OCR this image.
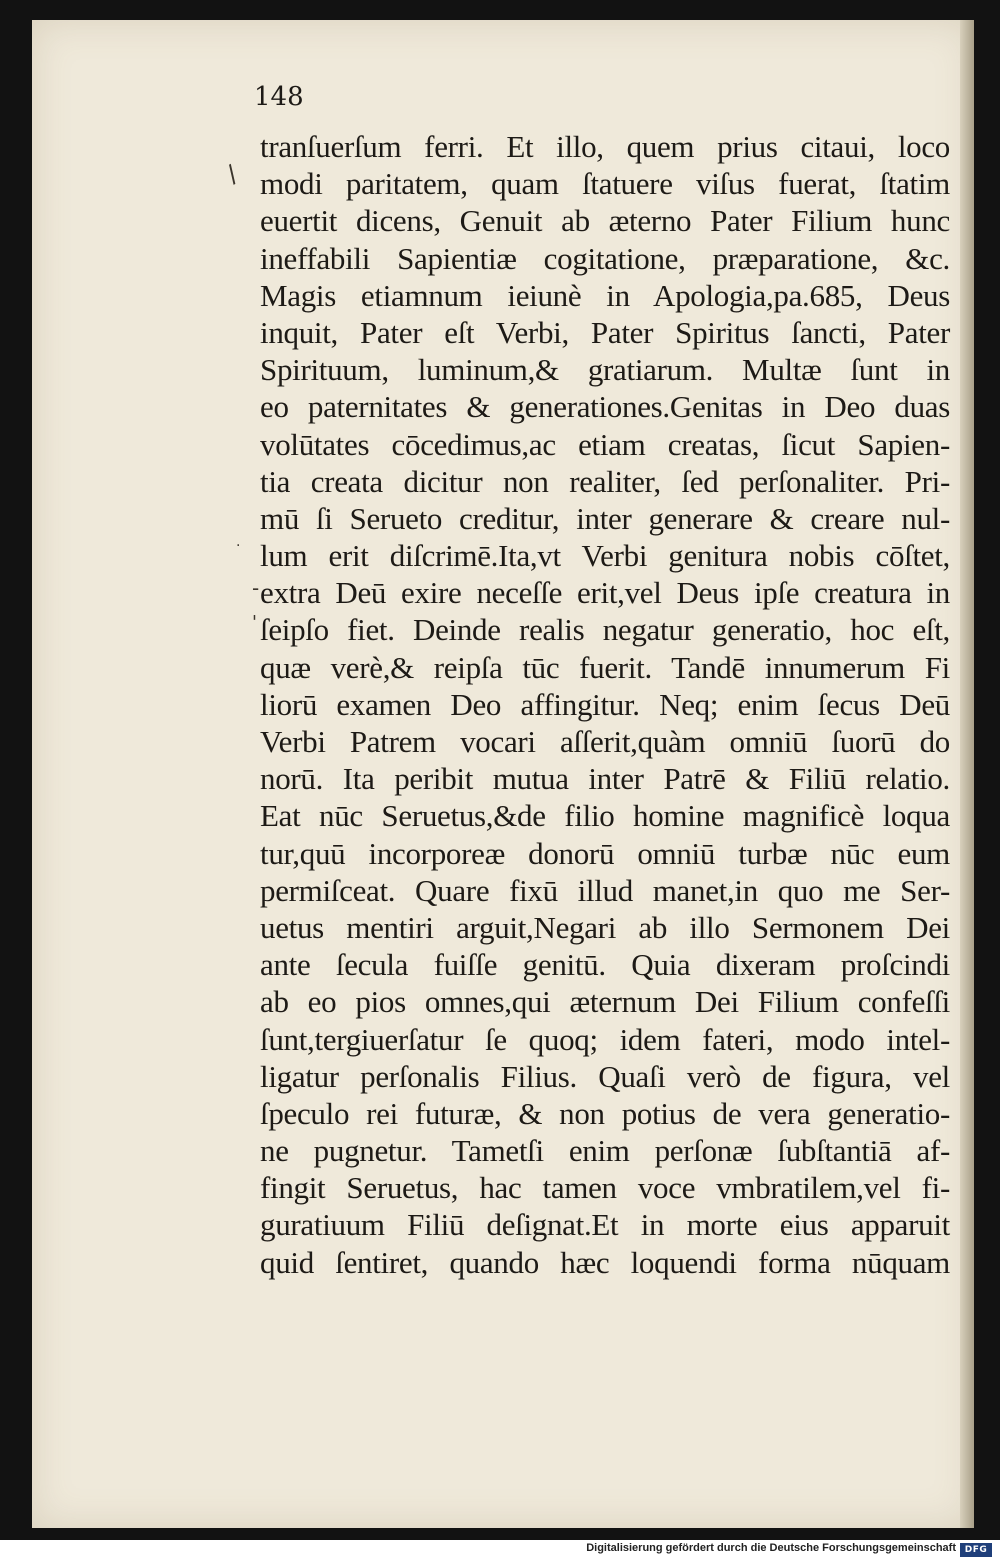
148
/
·
-
'
tranſuerſum ferri. Et illo, quem prius citaui, loco
modi paritatem, quam ſtatuere viſus fuerat, ſtatim
euertit dicens, Genuit ab æterno Pater Filium hunc
ineffabili Sapientiæ cogitatione, præparatione, &c.
Magis etiamnum ieiunè in Apologia,pa.685, Deus
inquit, Pater eſt Verbi, Pater Spiritus ſancti, Pater
Spirituum, luminum,& gratiarum. Multæ ſunt in
eo paternitates & generationes.Genitas in Deo duas
volūtates cōcedimus,ac etiam creatas, ſicut Sapien-
tia creata dicitur non realiter, ſed perſonaliter. Pri-
mū ſi Serueto creditur, inter generare & creare nul-
lum erit diſcrimē.Ita,vt Verbi genitura nobis cōſtet,
extra Deū exire neceſſe erit,vel Deus ipſe creatura in
ſeipſo fiet. Deinde realis negatur generatio, hoc eſt,
quæ verè,& reipſa tūc fuerit. Tandē innumerum Fi
liorū examen Deo affingitur. Neq; enim ſecus Deū
Verbi Patrem vocari aſſerit,quàm omniū ſuorū do
norū. Ita peribit mutua inter Patrē & Filiū relatio.
Eat nūc Seruetus,&de filio homine magnificè loqua
tur,quū incorporeæ donorū omniū turbæ nūc eum
permiſceat. Quare fixū illud manet,in quo me Ser-
uetus mentiri arguit,Negari ab illo Sermonem Dei
ante ſecula fuiſſe genitū. Quia dixeram proſcindi
ab eo pios omnes,qui æternum Dei Filium confeſſi
ſunt,tergiuerſatur ſe quoq; idem fateri, modo intel-
ligatur perſonalis Filius. Quaſi verò de figura, vel
ſpeculo rei futuræ, & non potius de vera generatio-
ne pugnetur. Tametſi enim perſonæ ſubſtantiā af-
fingit Seruetus, hac tamen voce vmbratilem,vel fi-
guratiuum Filiū deſignat.Et in morte eius apparuit
quid ſentiret, quando hæc loquendi forma nūquam
Digitalisierung gefördert durch die Deutsche Forschungsgemeinschaft DFG
